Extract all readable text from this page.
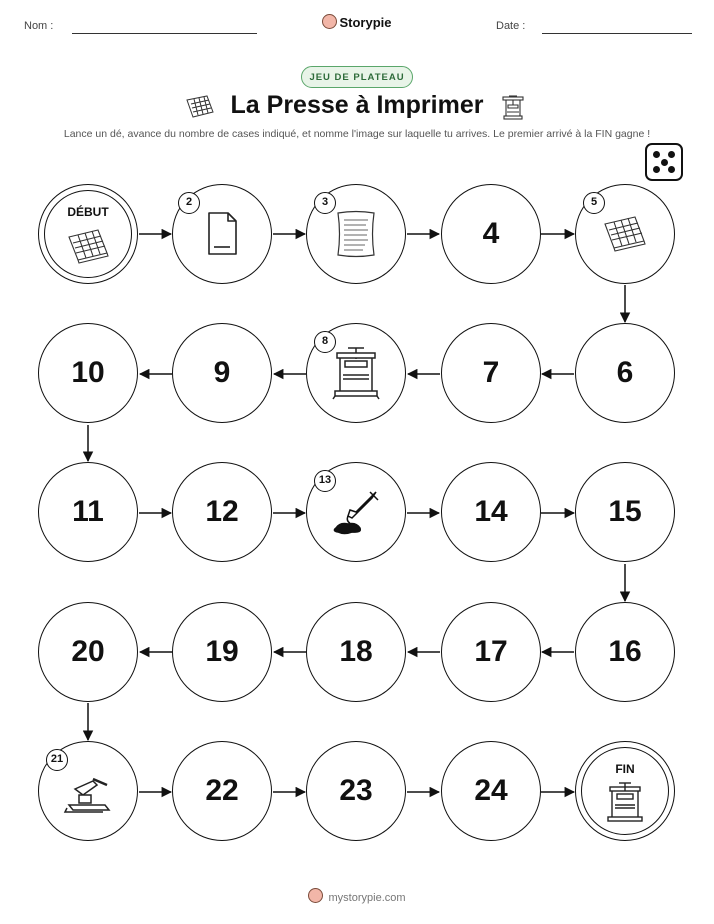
Nom :	Storypie	Date :
JEU DE PLATEAU
La Presse à Imprimer
Lance un dé, avance du nombre de cases indiqué, et nomme l'image sur laquelle tu arrives. Le premier arrivé à la FIN gagne !
DÉBUT
2	3
4
5
10	9
8
7	6
11	12
13
14	15
20	19	18	17	16
21
22	23	24
FIN
mystorypie.com
